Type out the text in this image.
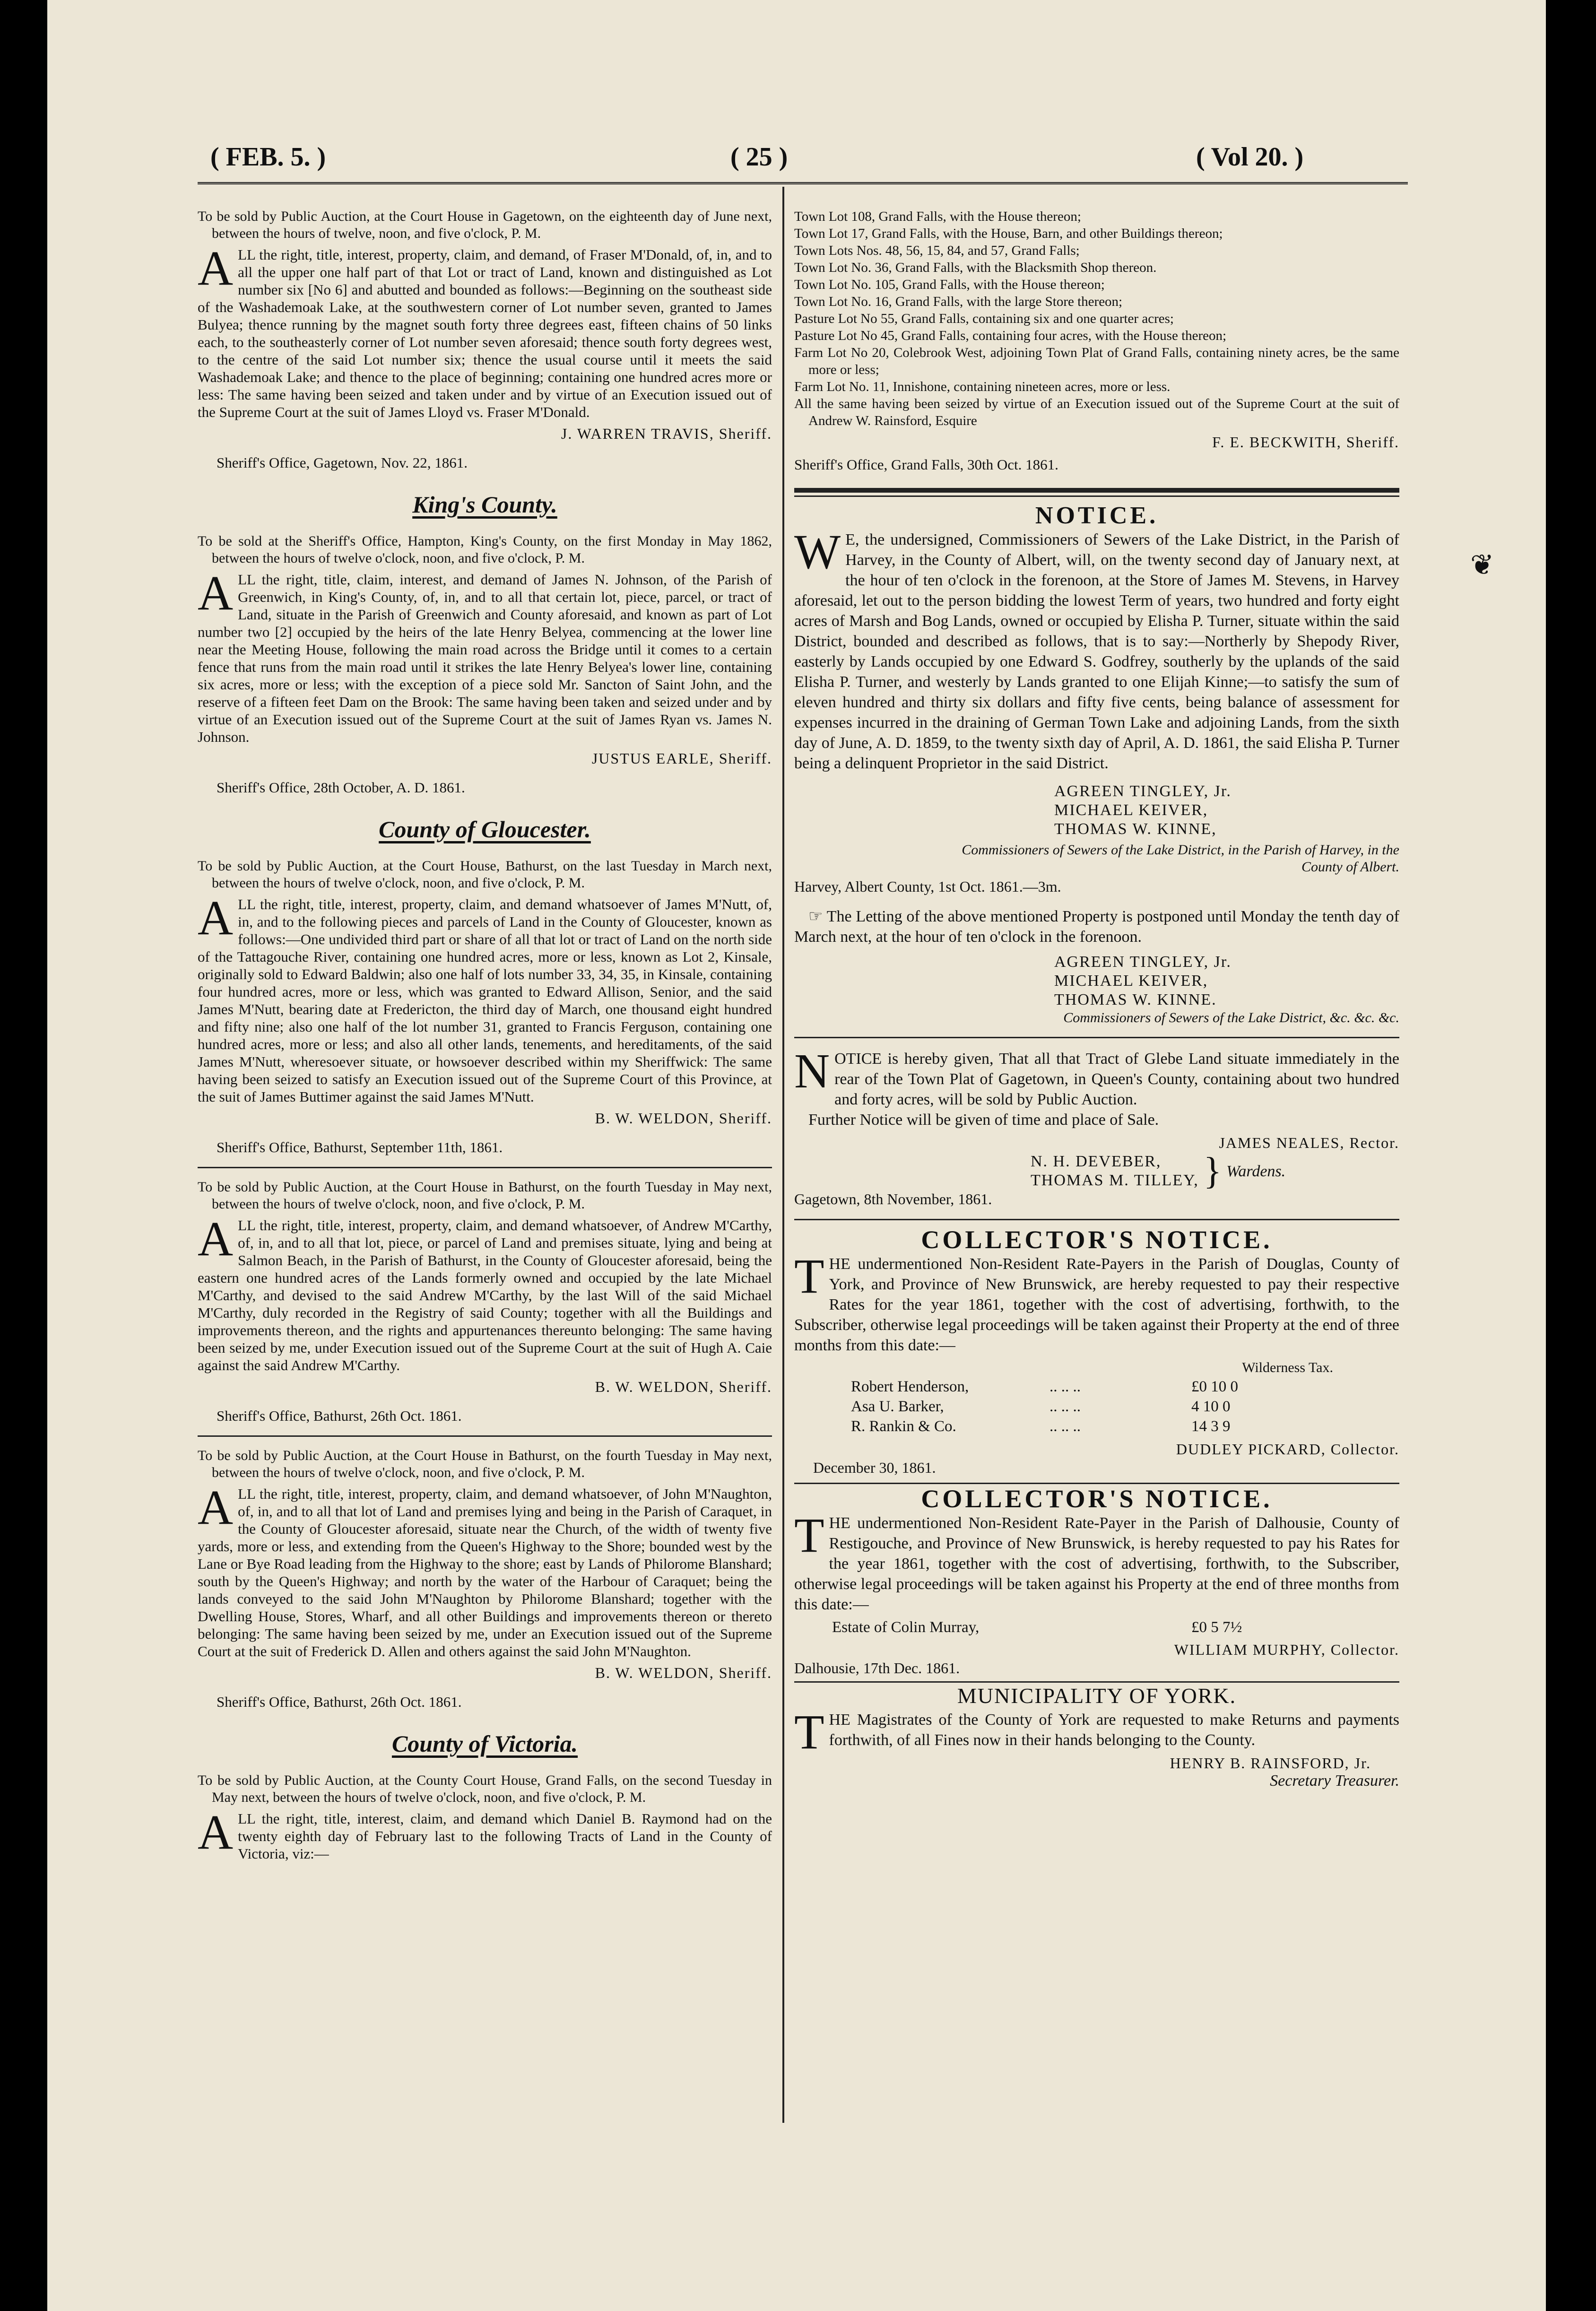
( FEB. 5. )	( 25 )	( Vol 20. )
❦

To be sold by Public Auction, at the Court House in Gagetown, on the eighteenth day of June next, between the hours of twelve, noon, and five o'clock, P. M.

ALL the right, title, interest, property, claim, and demand, of Fraser M'Donald, of, in, and to all the upper one half part of that Lot or tract of Land, known and distinguished as Lot number six [No 6] and abutted and bounded as follows:—Beginning on the southeast side of the Washademoak Lake, at the southwestern corner of Lot number seven, granted to James Bulyea; thence running by the magnet south forty three degrees east, fifteen chains of 50 links each, to the southeasterly corner of Lot number seven aforesaid; thence south forty degrees west, to the centre of the said Lot number six; thence the usual course until it meets the said Washademoak Lake; and thence to the place of beginning; containing one hundred acres more or less: The same having been seized and taken under and by virtue of an Execution issued out of the Supreme Court at the suit of James Lloyd vs. Fraser M'Donald.

J. WARREN TRAVIS, Sheriff.
Sheriff's Office, Gagetown, Nov. 22, 1861.
King's County.

To be sold at the Sheriff's Office, Hampton, King's County, on the first Monday in May 1862, between the hours of twelve o'clock, noon, and five o'clock, P. M.

ALL the right, title, claim, interest, and demand of James N. Johnson, of the Parish of Greenwich, in King's County, of, in, and to all that certain lot, piece, parcel, or tract of Land, situate in the Parish of Greenwich and County aforesaid, and known as part of Lot number two [2] occupied by the heirs of the late Henry Belyea, commencing at the lower line near the Meeting House, following the main road across the Bridge until it comes to a certain fence that runs from the main road until it strikes the late Henry Belyea's lower line, containing six acres, more or less; with the exception of a piece sold Mr. Sancton of Saint John, and the reserve of a fifteen feet Dam on the Brook: The same having been taken and seized under and by virtue of an Execution issued out of the Supreme Court at the suit of James Ryan vs. James N. Johnson.

JUSTUS EARLE, Sheriff.
Sheriff's Office, 28th October, A. D. 1861.
County of Gloucester.

To be sold by Public Auction, at the Court House, Bathurst, on the last Tuesday in March next, between the hours of twelve o'clock, noon, and five o'clock, P. M.

ALL the right, title, interest, property, claim, and demand whatsoever of James M'Nutt, of, in, and to the following pieces and parcels of Land in the County of Gloucester, known as follows:—One undivided third part or share of all that lot or tract of Land on the north side of the Tattagouche River, containing one hundred acres, more or less, known as Lot 2, Kinsale, originally sold to Edward Baldwin; also one half of lots number 33, 34, 35, in Kinsale, containing four hundred acres, more or less, which was granted to Edward Allison, Senior, and the said James M'Nutt, bearing date at Fredericton, the third day of March, one thousand eight hundred and fifty nine; also one half of the lot number 31, granted to Francis Ferguson, containing one hundred acres, more or less; and also all other lands, tenements, and hereditaments, of the said James M'Nutt, wheresoever situate, or howsoever described within my Sheriffwick: The same having been seized to satisfy an Execution issued out of the Supreme Court of this Province, at the suit of James Buttimer against the said James M'Nutt.

B. W. WELDON, Sheriff.
Sheriff's Office, Bathurst, September 11th, 1861.

To be sold by Public Auction, at the Court House in Bathurst, on the fourth Tuesday in May next, between the hours of twelve o'clock, noon, and five o'clock, P. M.

ALL the right, title, interest, property, claim, and demand whatsoever, of Andrew M'Carthy, of, in, and to all that lot, piece, or parcel of Land and premises situate, lying and being at Salmon Beach, in the Parish of Bathurst, in the County of Gloucester aforesaid, being the eastern one hundred acres of the Lands formerly owned and occupied by the late Michael M'Carthy, and devised to the said Andrew M'Carthy, by the last Will of the said Michael M'Carthy, duly recorded in the Registry of said County; together with all the Buildings and improvements thereon, and the rights and appurtenances thereunto belonging: The same having been seized by me, under Execution issued out of the Supreme Court at the suit of Hugh A. Caie against the said Andrew M'Carthy.

B. W. WELDON, Sheriff.
Sheriff's Office, Bathurst, 26th Oct. 1861.

To be sold by Public Auction, at the Court House in Bathurst, on the fourth Tuesday in May next, between the hours of twelve o'clock, noon, and five o'clock, P. M.

ALL the right, title, interest, property, claim, and demand whatsoever, of John M'Naughton, of, in, and to all that lot of Land and premises lying and being in the Parish of Caraquet, in the County of Gloucester aforesaid, situate near the Church, of the width of twenty five yards, more or less, and extending from the Queen's Highway to the Shore; bounded west by the Lane or Bye Road leading from the Highway to the shore; east by Lands of Philorome Blanshard; south by the Queen's Highway; and north by the water of the Harbour of Caraquet; being the lands conveyed to the said John M'Naughton by Philorome Blanshard; together with the Dwelling House, Stores, Wharf, and all other Buildings and improvements thereon or thereto belonging: The same having been seized by me, under an Execution issued out of the Supreme Court at the suit of Frederick D. Allen and others against the said John M'Naughton.

B. W. WELDON, Sheriff.
Sheriff's Office, Bathurst, 26th Oct. 1861.
County of Victoria.

To be sold by Public Auction, at the County Court House, Grand Falls, on the second Tuesday in May next, between the hours of twelve o'clock, noon, and five o'clock, P. M.

ALL the right, title, interest, claim, and demand which Daniel B. Raymond had on the twenty eighth day of February last to the following Tracts of Land in the County of Victoria, viz:—

Town Lot 108, Grand Falls, with the House thereon;

Town Lot 17, Grand Falls, with the House, Barn, and other Buildings thereon;

Town Lots Nos. 48, 56, 15, 84, and 57, Grand Falls;

Town Lot No. 36, Grand Falls, with the Blacksmith Shop thereon.

Town Lot No. 105, Grand Falls, with the House thereon;

Town Lot No. 16, Grand Falls, with the large Store thereon;

Pasture Lot No 55, Grand Falls, containing six and one quarter acres;

Pasture Lot No 45, Grand Falls, containing four acres, with the House thereon;

Farm Lot No 20, Colebrook West, adjoining Town Plat of Grand Falls, containing ninety acres, be the same more or less;

Farm Lot No. 11, Innishone, containing nineteen acres, more or less.

All the same having been seized by virtue of an Execution issued out of the Supreme Court at the suit of Andrew W. Rainsford, Esquire

F. E. BECKWITH, Sheriff.
Sheriff's Office, Grand Falls, 30th Oct. 1861.
NOTICE.

WE, the undersigned, Commissioners of Sewers of the Lake District, in the Parish of Harvey, in the County of Albert, will, on the twenty second day of January next, at the hour of ten o'clock in the forenoon, at the Store of James M. Stevens, in Harvey aforesaid, let out to the person bidding the lowest Term of years, two hundred and forty eight acres of Marsh and Bog Lands, owned or occupied by Elisha P. Turner, situate within the said District, bounded and described as follows, that is to say:—Northerly by Shepody River, easterly by Lands occupied by one Edward S. Godfrey, southerly by the uplands of the said Elisha P. Turner, and westerly by Lands granted to one Elijah Kinne;—to satisfy the sum of eleven hundred and thirty six dollars and fifty five cents, being balance of assessment for expenses incurred in the draining of German Town Lake and adjoining Lands, from the sixth day of June, A. D. 1859, to the twenty sixth day of April, A. D. 1861, the said Elisha P. Turner being a delinquent Proprietor in the said District.

AGREEN TINGLEY, Jr.
MICHAEL KEIVER,
THOMAS W. KINNE,
Commissioners of Sewers of the Lake District, in the Parish of Harvey, in the County of Albert.
Harvey, Albert County, 1st Oct. 1861.—3m.

☞ The Letting of the above mentioned Property is postponed until Monday the tenth day of March next, at the hour of ten o'clock in the forenoon.

AGREEN TINGLEY, Jr.
MICHAEL KEIVER,
THOMAS W. KINNE.
Commissioners of Sewers of the Lake District, &c. &c. &c.

NOTICE is hereby given, That all that Tract of Glebe Land situate immediately in the rear of the Town Plat of Gagetown, in Queen's County, containing about two hundred and forty acres, will be sold by Public Auction.

Further Notice will be given of time and place of Sale.

JAMES NEALES, Rector.
N. H. DEVEBER,
THOMAS M. TILLEY, } Wardens.
Gagetown, 8th November, 1861.
COLLECTOR'S NOTICE.

THE undermentioned Non-Resident Rate-Payers in the Parish of Douglas, County of York, and Province of New Brunswick, are hereby requested to pay their respective Rates for the year 1861, together with the cost of advertising, forthwith, to the Subscriber, otherwise legal proceedings will be taken against their Property at the end of three months from this date:—

Wilderness Tax.
Robert Henderson,	.. .. ..	£0 10 0
Asa U. Barker,	.. .. ..	4 10 0
R. Rankin & Co.	.. .. ..	14 3 9
DUDLEY PICKARD, Collector.
December 30, 1861.
COLLECTOR'S NOTICE.

THE undermentioned Non-Resident Rate-Payer in the Parish of Dalhousie, County of Restigouche, and Province of New Brunswick, is hereby requested to pay his Rates for the year 1861, together with the cost of advertising, forthwith, to the Subscriber, otherwise legal proceedings will be taken against his Property at the end of three months from this date:—

Estate of Colin Murray,	£0 5 7½
WILLIAM MURPHY, Collector.
Dalhousie, 17th Dec. 1861.
MUNICIPALITY OF YORK.

THE Magistrates of the County of York are requested to make Returns and payments forthwith, of all Fines now in their hands belonging to the County.

HENRY B. RAINSFORD, Jr.
Secretary Treasurer.
